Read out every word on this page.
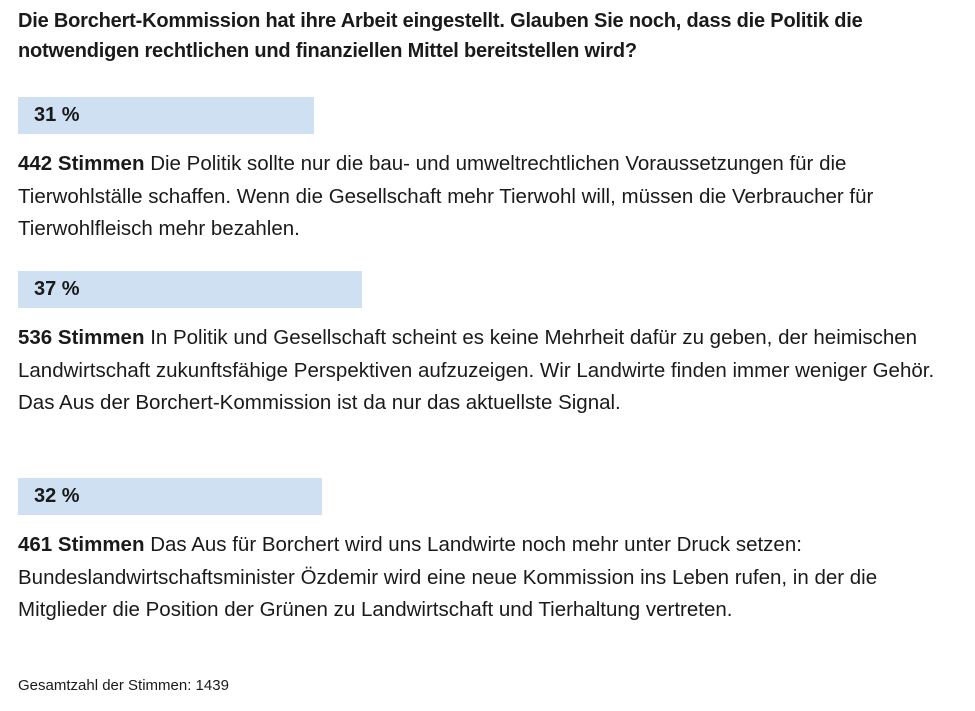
Die Borchert-Kommission hat ihre Arbeit eingestellt. Glauben Sie noch, dass die Politik die notwendigen rechtlichen und finanziellen Mittel bereitstellen wird?
31 %
442 Stimmen Die Politik sollte nur die bau- und umweltrechtlichen Voraussetzungen für die Tierwohlställe schaffen. Wenn die Gesellschaft mehr Tierwohl will, müssen die Verbraucher für Tierwohlfleisch mehr bezahlen.
37 %
536 Stimmen In Politik und Gesellschaft scheint es keine Mehrheit dafür zu geben, der heimischen Landwirtschaft zukunftsfähige Perspektiven aufzuzeigen. Wir Landwirte finden immer weniger Gehör. Das Aus der Borchert-Kommission ist da nur das aktuellste Signal.
32 %
461 Stimmen Das Aus für Borchert wird uns Landwirte noch mehr unter Druck setzen: Bundeslandwirtschaftsminister Özdemir wird eine neue Kommission ins Leben rufen, in der die Mitglieder die Position der Grünen zu Landwirtschaft und Tierhaltung vertreten.
Gesamtzahl der Stimmen: 1439
